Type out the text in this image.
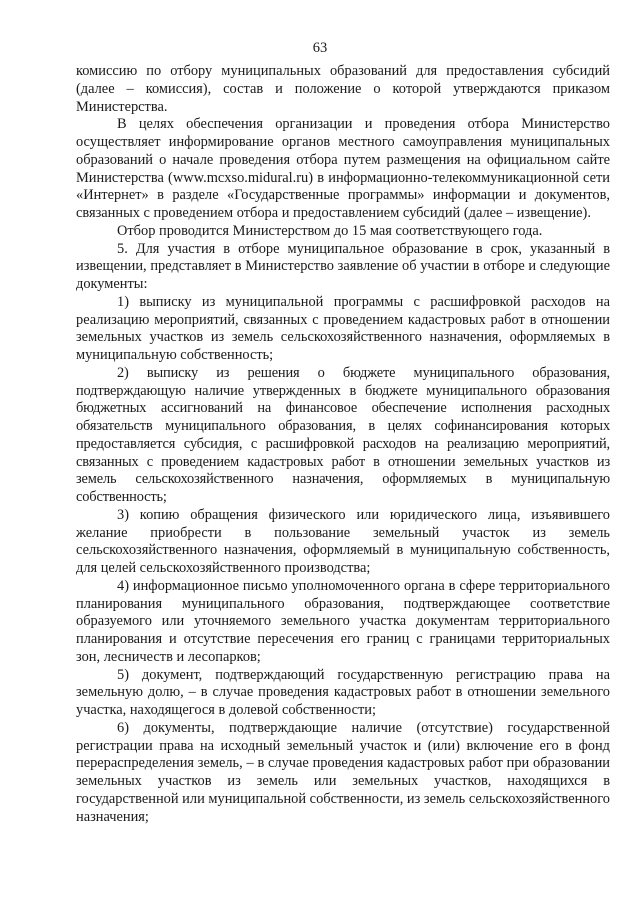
63

комиссию по отбору муниципальных образований для предоставления субсидий (далее – комиссия), состав и положение о которой утверждаются приказом Министерства.

В целях обеспечения организации и проведения отбора Министерство осуществляет информирование органов местного самоуправления муниципальных образований о начале проведения отбора путем размещения на официальном сайте Министерства (www.mcxso.midural.ru) в информационно-телекоммуникационной сети «Интернет» в разделе «Государственные программы» информации и документов, связанных с проведением отбора и предоставлением субсидий (далее – извещение).

Отбор проводится Министерством до 15 мая соответствующего года.

5. Для участия в отборе муниципальное образование в срок, указанный в извещении, представляет в Министерство заявление об участии в отборе и следующие документы:

1) выписку из муниципальной программы с расшифровкой расходов на реализацию мероприятий, связанных с проведением кадастровых работ в отношении земельных участков из земель сельскохозяйственного назначения, оформляемых в муниципальную собственность;

2) выписку из решения о бюджете муниципального образования, подтверждающую наличие утвержденных в бюджете муниципального образования бюджетных ассигнований на финансовое обеспечение исполнения расходных обязательств муниципального образования, в целях софинансирования которых предоставляется субсидия, с расшифровкой расходов на реализацию мероприятий, связанных с проведением кадастровых работ в отношении земельных участков из земель сельскохозяйственного назначения, оформляемых в муниципальную собственность;

3) копию обращения физического или юридического лица, изъявившего желание приобрести в пользование земельный участок из земель сельскохозяйственного назначения, оформляемый в муниципальную собственность, для целей сельскохозяйственного производства;

4) информационное письмо уполномоченного органа в сфере территориального планирования муниципального образования, подтверждающее соответствие образуемого или уточняемого земельного участка документам территориального планирования и отсутствие пересечения его границ с границами территориальных зон, лесничеств и лесопарков;

5) документ, подтверждающий государственную регистрацию права на земельную долю, – в случае проведения кадастровых работ в отношении земельного участка, находящегося в долевой собственности;

6) документы, подтверждающие наличие (отсутствие) государственной регистрации права на исходный земельный участок и (или) включение его в фонд перераспределения земель, – в случае проведения кадастровых работ при образовании земельных участков из земель или земельных участков, находящихся в государственной или муниципальной собственности, из земель сельскохозяйственного назначения;
